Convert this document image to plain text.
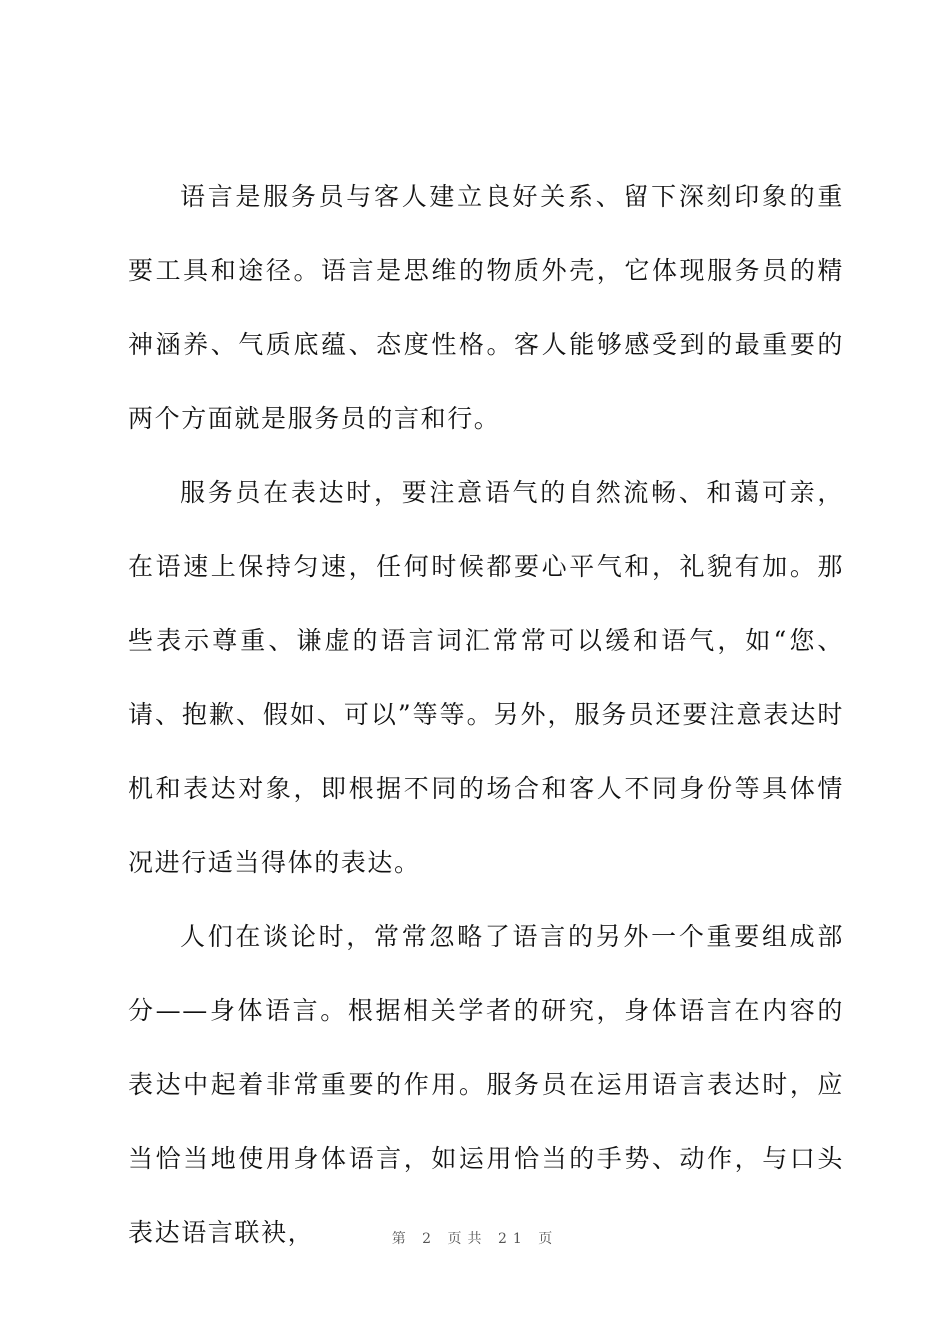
语言是服务员与客人建立良好关系、留下深刻印象的重要工具和途径。语言是思维的物质外壳，它体现服务员的精神涵养、气质底蕴、态度性格。客人能够感受到的最重要的两个方面就是服务员的言和行。

服务员在表达时，要注意语气的自然流畅、和蔼可亲，在语速上保持匀速，任何时候都要心平气和，礼貌有加。那些表示尊重、谦虚的语言词汇常常可以缓和语气，如“您、请、抱歉、假如、可以”等等。另外，服务员还要注意表达时机和表达对象，即根据不同的场合和客人不同身份等具体情况进行适当得体的表达。

人们在谈论时，常常忽略了语言的另外一个重要组成部分——身体语言。根据相关学者的研究，身体语言在内容的表达中起着非常重要的作用。服务员在运用语言表达时，应当恰当地使用身体语言，如运用恰当的手势、动作，与口头表达语言联袂，	第 2 页共 21 页
